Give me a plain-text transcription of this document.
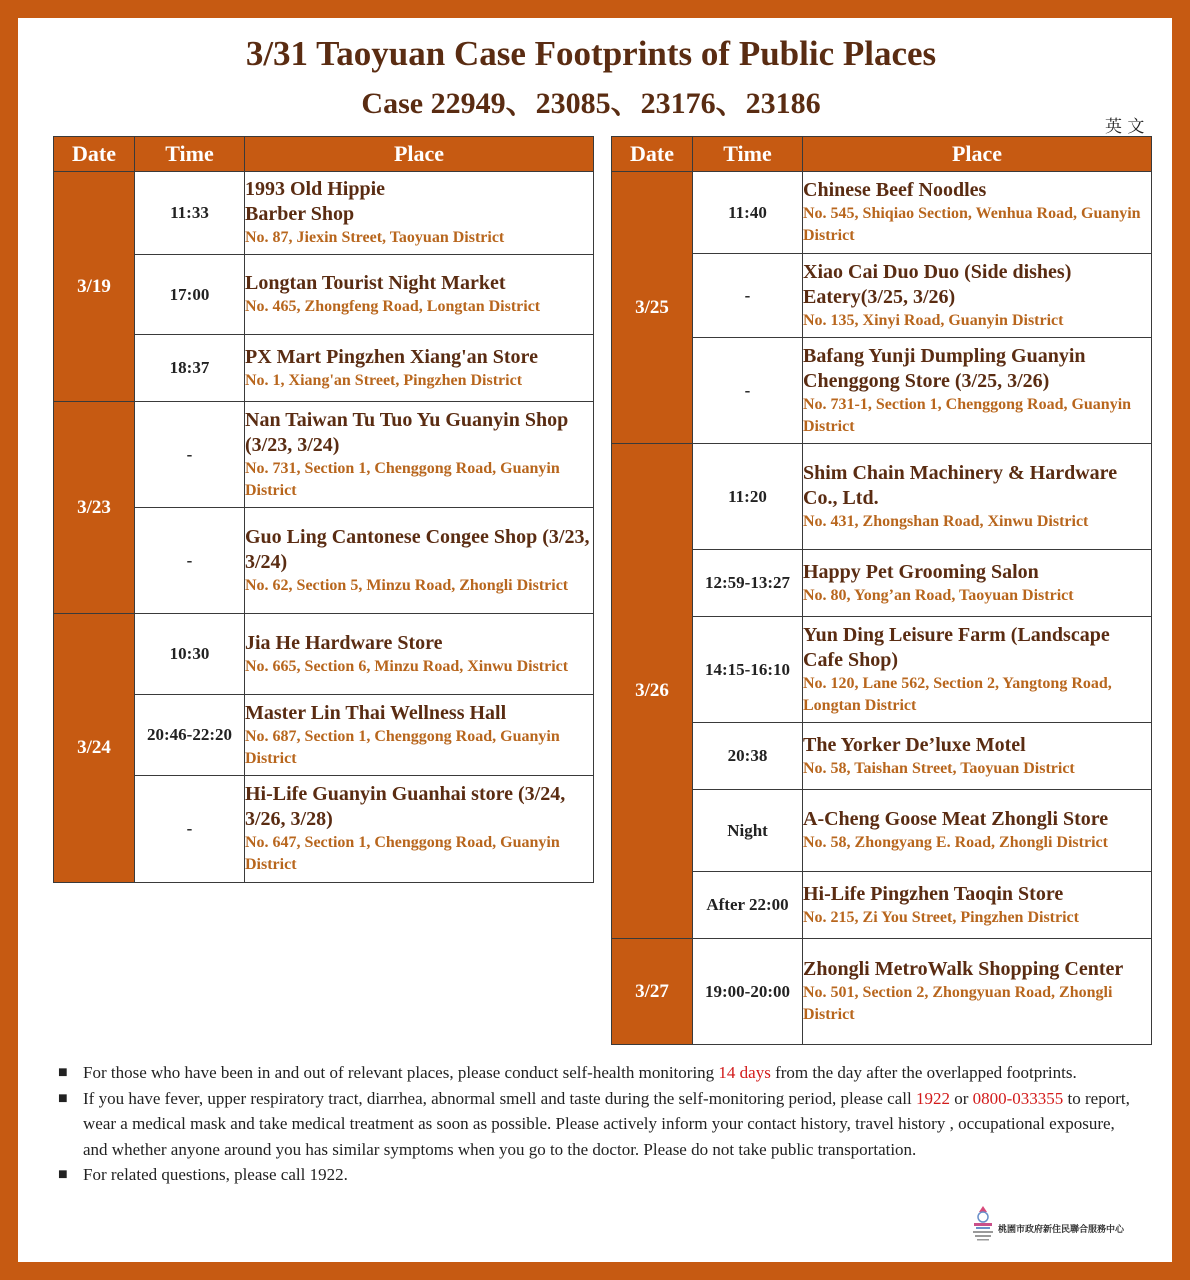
3/31 Taoyuan Case Footprints of Public Places
Case 22949、23085、23176、23186
英 文
Date	Time	Place
3/19	11:33	1993 Old Hippie
Barber Shop
No. 87, Jiexin Street, Taoyuan District

	17:00	Longtan Tourist Night Market
No. 465, Zhongfeng Road, Longtan District

	18:37	PX Mart Pingzhen Xiang'an Store
No. 1, Xiang'an Street, Pingzhen District

3/23	-	Nan Taiwan Tu Tuo Yu Guanyin Shop (3/23, 3/24)
No. 731, Section 1, Chenggong Road, Guanyin District

	-	Guo Ling Cantonese Congee Shop (3/23, 3/24)
No. 62, Section 5, Minzu Road, Zhongli District

3/24	10:30	Jia He Hardware Store
No. 665, Section 6, Minzu Road, Xinwu District

	20:46-22:20	Master Lin Thai Wellness Hall
No. 687, Section 1, Chenggong Road, Guanyin District

	-	Hi-Life Guanyin Guanhai store (3/24, 3/26, 3/28)
No. 647, Section 1, Chenggong Road, Guanyin District
Date	Time	Place
3/25	11:40	Chinese Beef Noodles
No. 545, Shiqiao Section, Wenhua Road, Guanyin District

	-	Xiao Cai Duo Duo (Side dishes) Eatery(3/25, 3/26)
No. 135, Xinyi Road, Guanyin District

	-	Bafang Yunji Dumpling Guanyin Chenggong Store (3/25, 3/26)
No. 731-1, Section 1, Chenggong Road, Guanyin District

3/26	11:20	Shim Chain Machinery & Hardware Co., Ltd.
No. 431, Zhongshan Road, Xinwu District

	12:59-13:27	Happy Pet Grooming Salon
No. 80, Yong’an Road, Taoyuan District

	14:15-16:10	Yun Ding Leisure Farm (Landscape Cafe Shop)
No. 120, Lane 562, Section 2, Yangtong Road, Longtan District

	20:38	The Yorker De’luxe Motel
No. 58, Taishan Street, Taoyuan District

	Night	A-Cheng Goose Meat Zhongli Store
No. 58, Zhongyang E. Road, Zhongli District

	After 22:00	Hi-Life Pingzhen Taoqin Store
No. 215, Zi You Street, Pingzhen District

3/27	19:00-20:00	Zhongli MetroWalk Shopping Center
No. 501, Section 2, Zhongyuan Road, Zhongli District
■ For those who have been in and out of relevant places, please conduct self-health monitoring 14 days from the day after the overlapped footprints.
■ If you have fever, upper respiratory tract, diarrhea, abnormal smell and taste during the self-monitoring period, please call 1922 or 0800-033355 to report, wear a medical mask and take medical treatment as soon as possible. Please actively inform your contact history, travel history , occupational exposure, and whether anyone around you has similar symptoms when you go to the doctor. Please do not take public transportation.
■ For related questions, please call 1922.
桃園市政府新住民聯合服務中心
